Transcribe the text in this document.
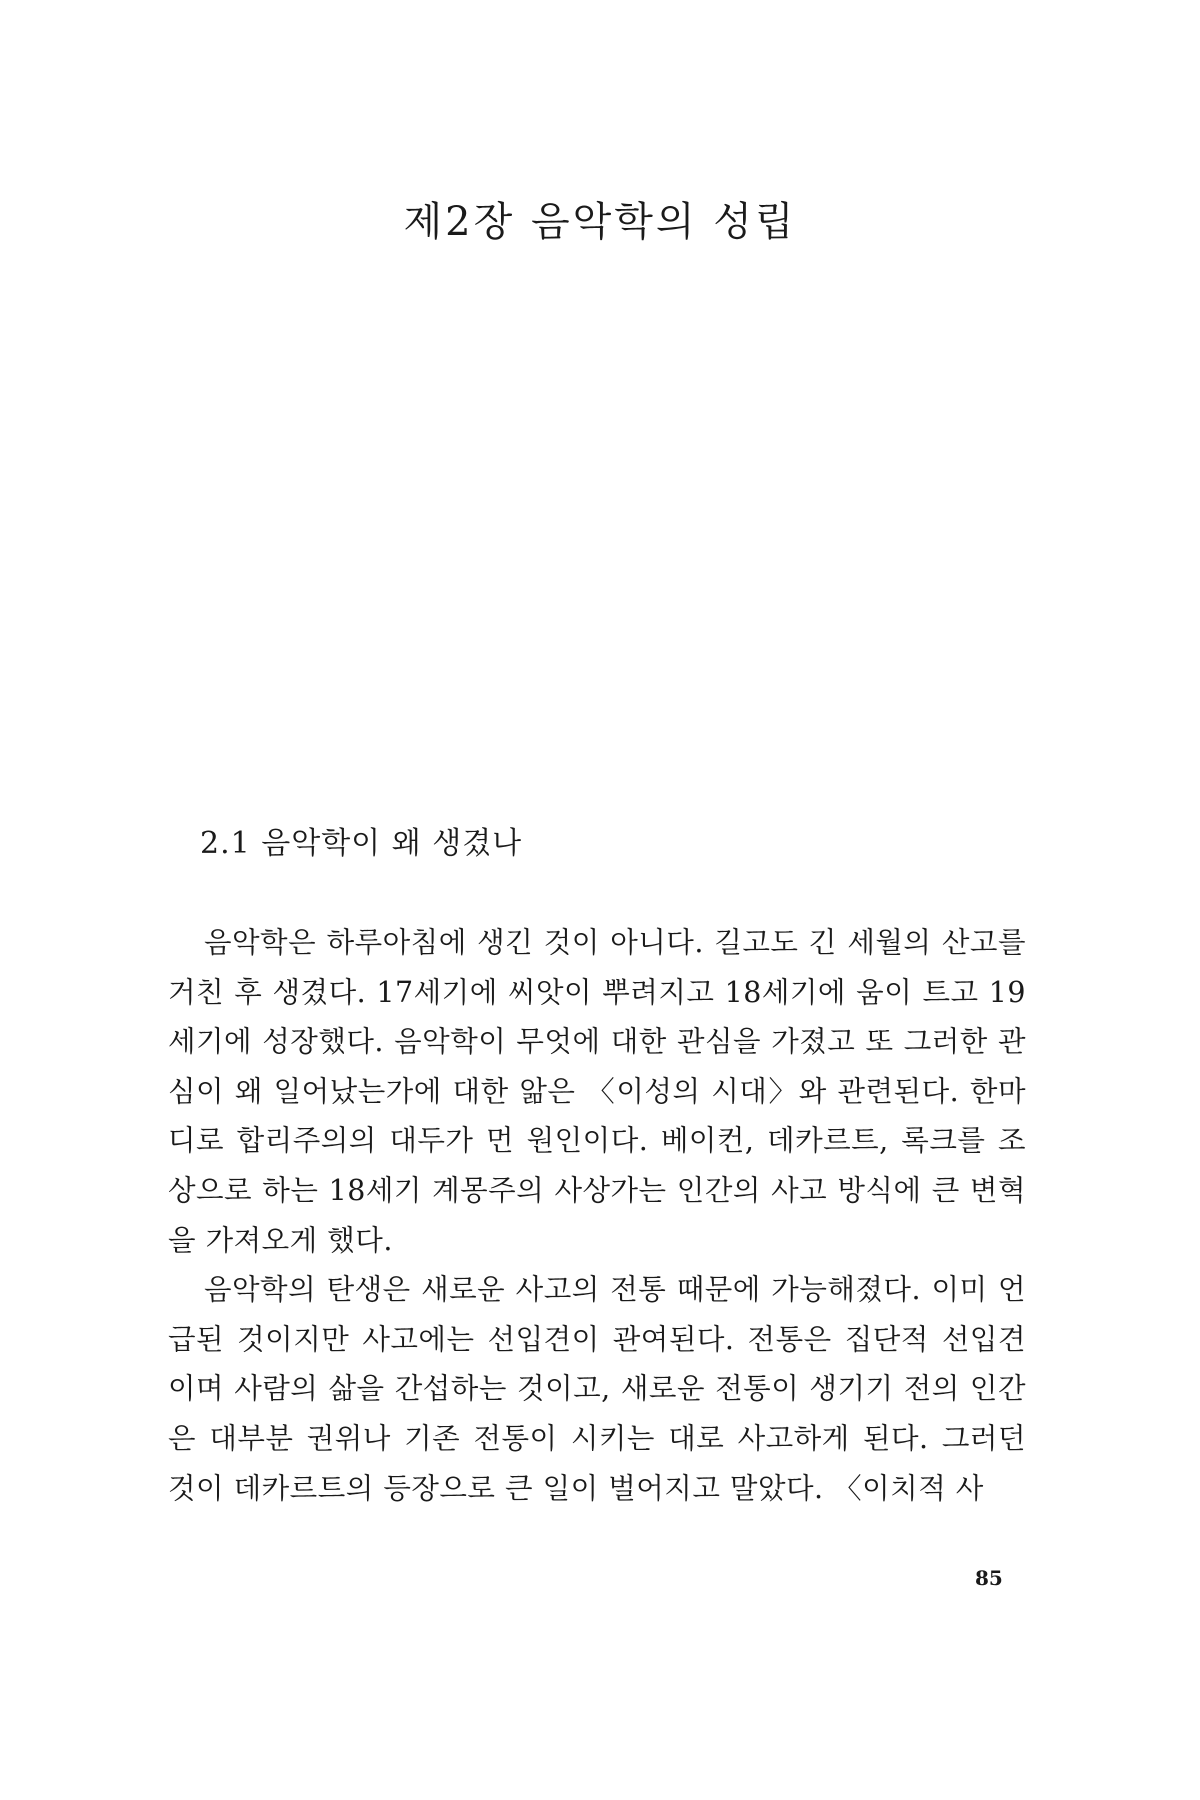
제2장 음악학의 성립
2.1 음악학이 왜 생겼나

음악학은 하루아침에 생긴 것이 아니다. 길고도 긴 세월의 산고를 거친 후 생겼다. 17세기에 씨앗이 뿌려지고 18세기에 움이 트고 19세기에 성장했다. 음악학이 무엇에 대한 관심을 가졌고 또 그러한 관심이 왜 일어났는가에 대한 앎은 〈이성의 시대〉와 관련된다. 한마디로 합리주의의 대두가 먼 원인이다. 베이컨, 데카르트, 록크를 조상으로 하는 18세기 계몽주의 사상가는 인간의 사고 방식에 큰 변혁을 가져오게 했다.

음악학의 탄생은 새로운 사고의 전통 때문에 가능해졌다. 이미 언급된 것이지만 사고에는 선입견이 관여된다. 전통은 집단적 선입견이며 사람의 삶을 간섭하는 것이고, 새로운 전통이 생기기 전의 인간은 대부분 권위나 기존 전통이 시키는 대로 사고하게 된다. 그러던 것이 데카르트의 등장으로 큰 일이 벌어지고 말았다. 〈이치적 사

85
